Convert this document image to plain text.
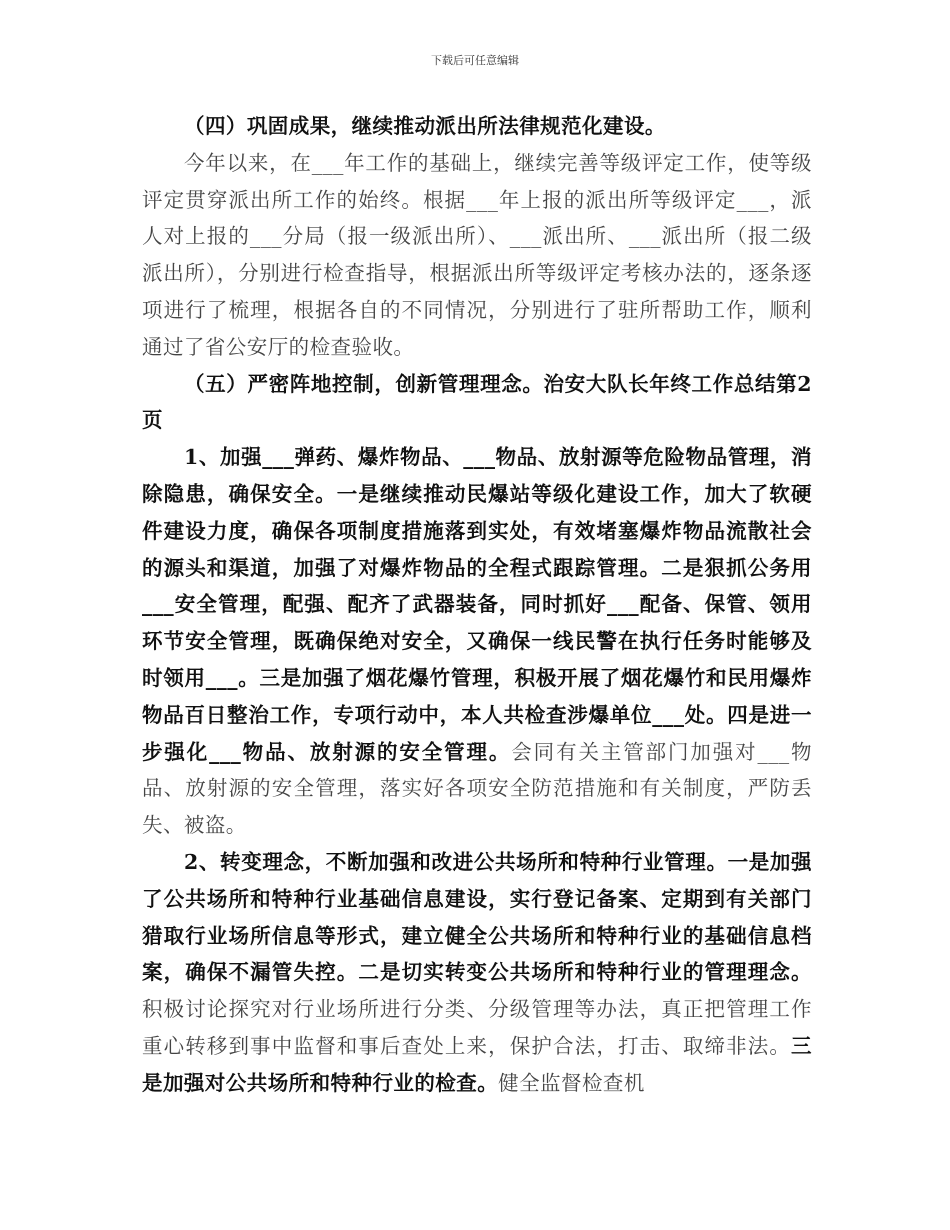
下载后可任意编辑

（四）巩固成果，继续推动派出所法律规范化建设。

今年以来，在___年工作的基础上，继续完善等级评定工作，使等级评定贯穿派出所工作的始终。根据___年上报的派出所等级评定___，派人对上报的___分局（报一级派出所）、___派出所、___派出所（报二级派出所），分别进行检查指导，根据派出所等级评定考核办法的，逐条逐项进行了梳理，根据各自的不同情况，分别进行了驻所帮助工作，顺利通过了省公安厅的检查验收。

（五）严密阵地控制，创新管理理念。治安大队长年终工作总结第2页

1、加强___弹药、爆炸物品、___物品、放射源等危险物品管理，消除隐患，确保安全。一是继续推动民爆站等级化建设工作，加大了软硬件建设力度，确保各项制度措施落到实处，有效堵塞爆炸物品流散社会的源头和渠道，加强了对爆炸物品的全程式跟踪管理。二是狠抓公务用___安全管理，配强、配齐了武器装备，同时抓好___配备、保管、领用环节安全管理，既确保绝对安全，又确保一线民警在执行任务时能够及时领用___。三是加强了烟花爆竹管理，积极开展了烟花爆竹和民用爆炸物品百日整治工作，专项行动中，本人共检查涉爆单位___处。四是进一步强化___物品、放射源的安全管理。会同有关主管部门加强对___物品、放射源的安全管理，落实好各项安全防范措施和有关制度，严防丢失、被盗。

2、转变理念，不断加强和改进公共场所和特种行业管理。一是加强了公共场所和特种行业基础信息建设，实行登记备案、定期到有关部门猎取行业场所信息等形式，建立健全公共场所和特种行业的基础信息档案，确保不漏管失控。二是切实转变公共场所和特种行业的管理理念。积极讨论探究对行业场所进行分类、分级管理等办法，真正把管理工作重心转移到事中监督和事后查处上来，保护合法，打击、取缔非法。三是加强对公共场所和特种行业的检查。健全监督检查机
